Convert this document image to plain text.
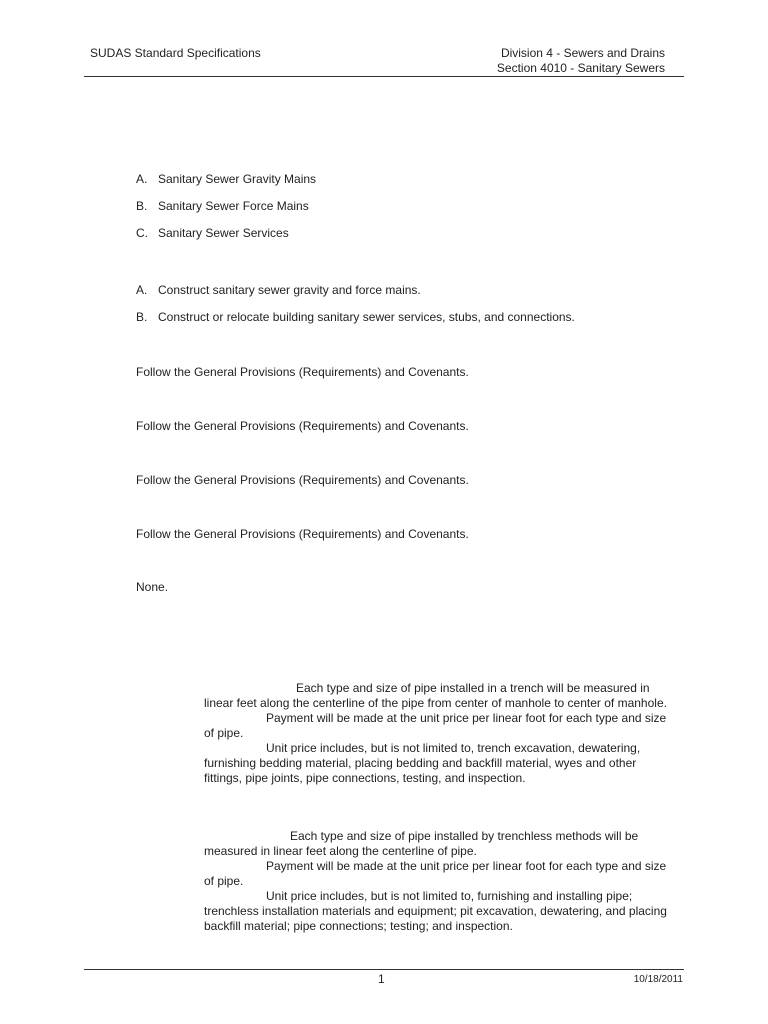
SUDAS Standard Specifications	Division 4 - Sewers and Drains
Section 4010 - Sanitary Sewers
A. Sanitary Sewer Gravity Mains
B. Sanitary Sewer Force Mains
C. Sanitary Sewer Services
A. Construct sanitary sewer gravity and force mains.
B. Construct or relocate building sanitary sewer services, stubs, and connections.
Follow the General Provisions (Requirements) and Covenants.
Follow the General Provisions (Requirements) and Covenants.
Follow the General Provisions (Requirements) and Covenants.
Follow the General Provisions (Requirements) and Covenants.
None.
Each type and size of pipe installed in a trench will be measured in linear feet along the centerline of the pipe from center of manhole to center of manhole.
Payment will be made at the unit price per linear foot for each type and size of pipe.
Unit price includes, but is not limited to, trench excavation, dewatering, furnishing bedding material, placing bedding and backfill material, wyes and other fittings, pipe joints, pipe connections, testing, and inspection.
Each type and size of pipe installed by trenchless methods will be measured in linear feet along the centerline of pipe.
Payment will be made at the unit price per linear foot for each type and size of pipe.
Unit price includes, but is not limited to, furnishing and installing pipe; trenchless installation materials and equipment; pit excavation, dewatering, and placing backfill material; pipe connections; testing; and inspection.
1	10/18/2011
